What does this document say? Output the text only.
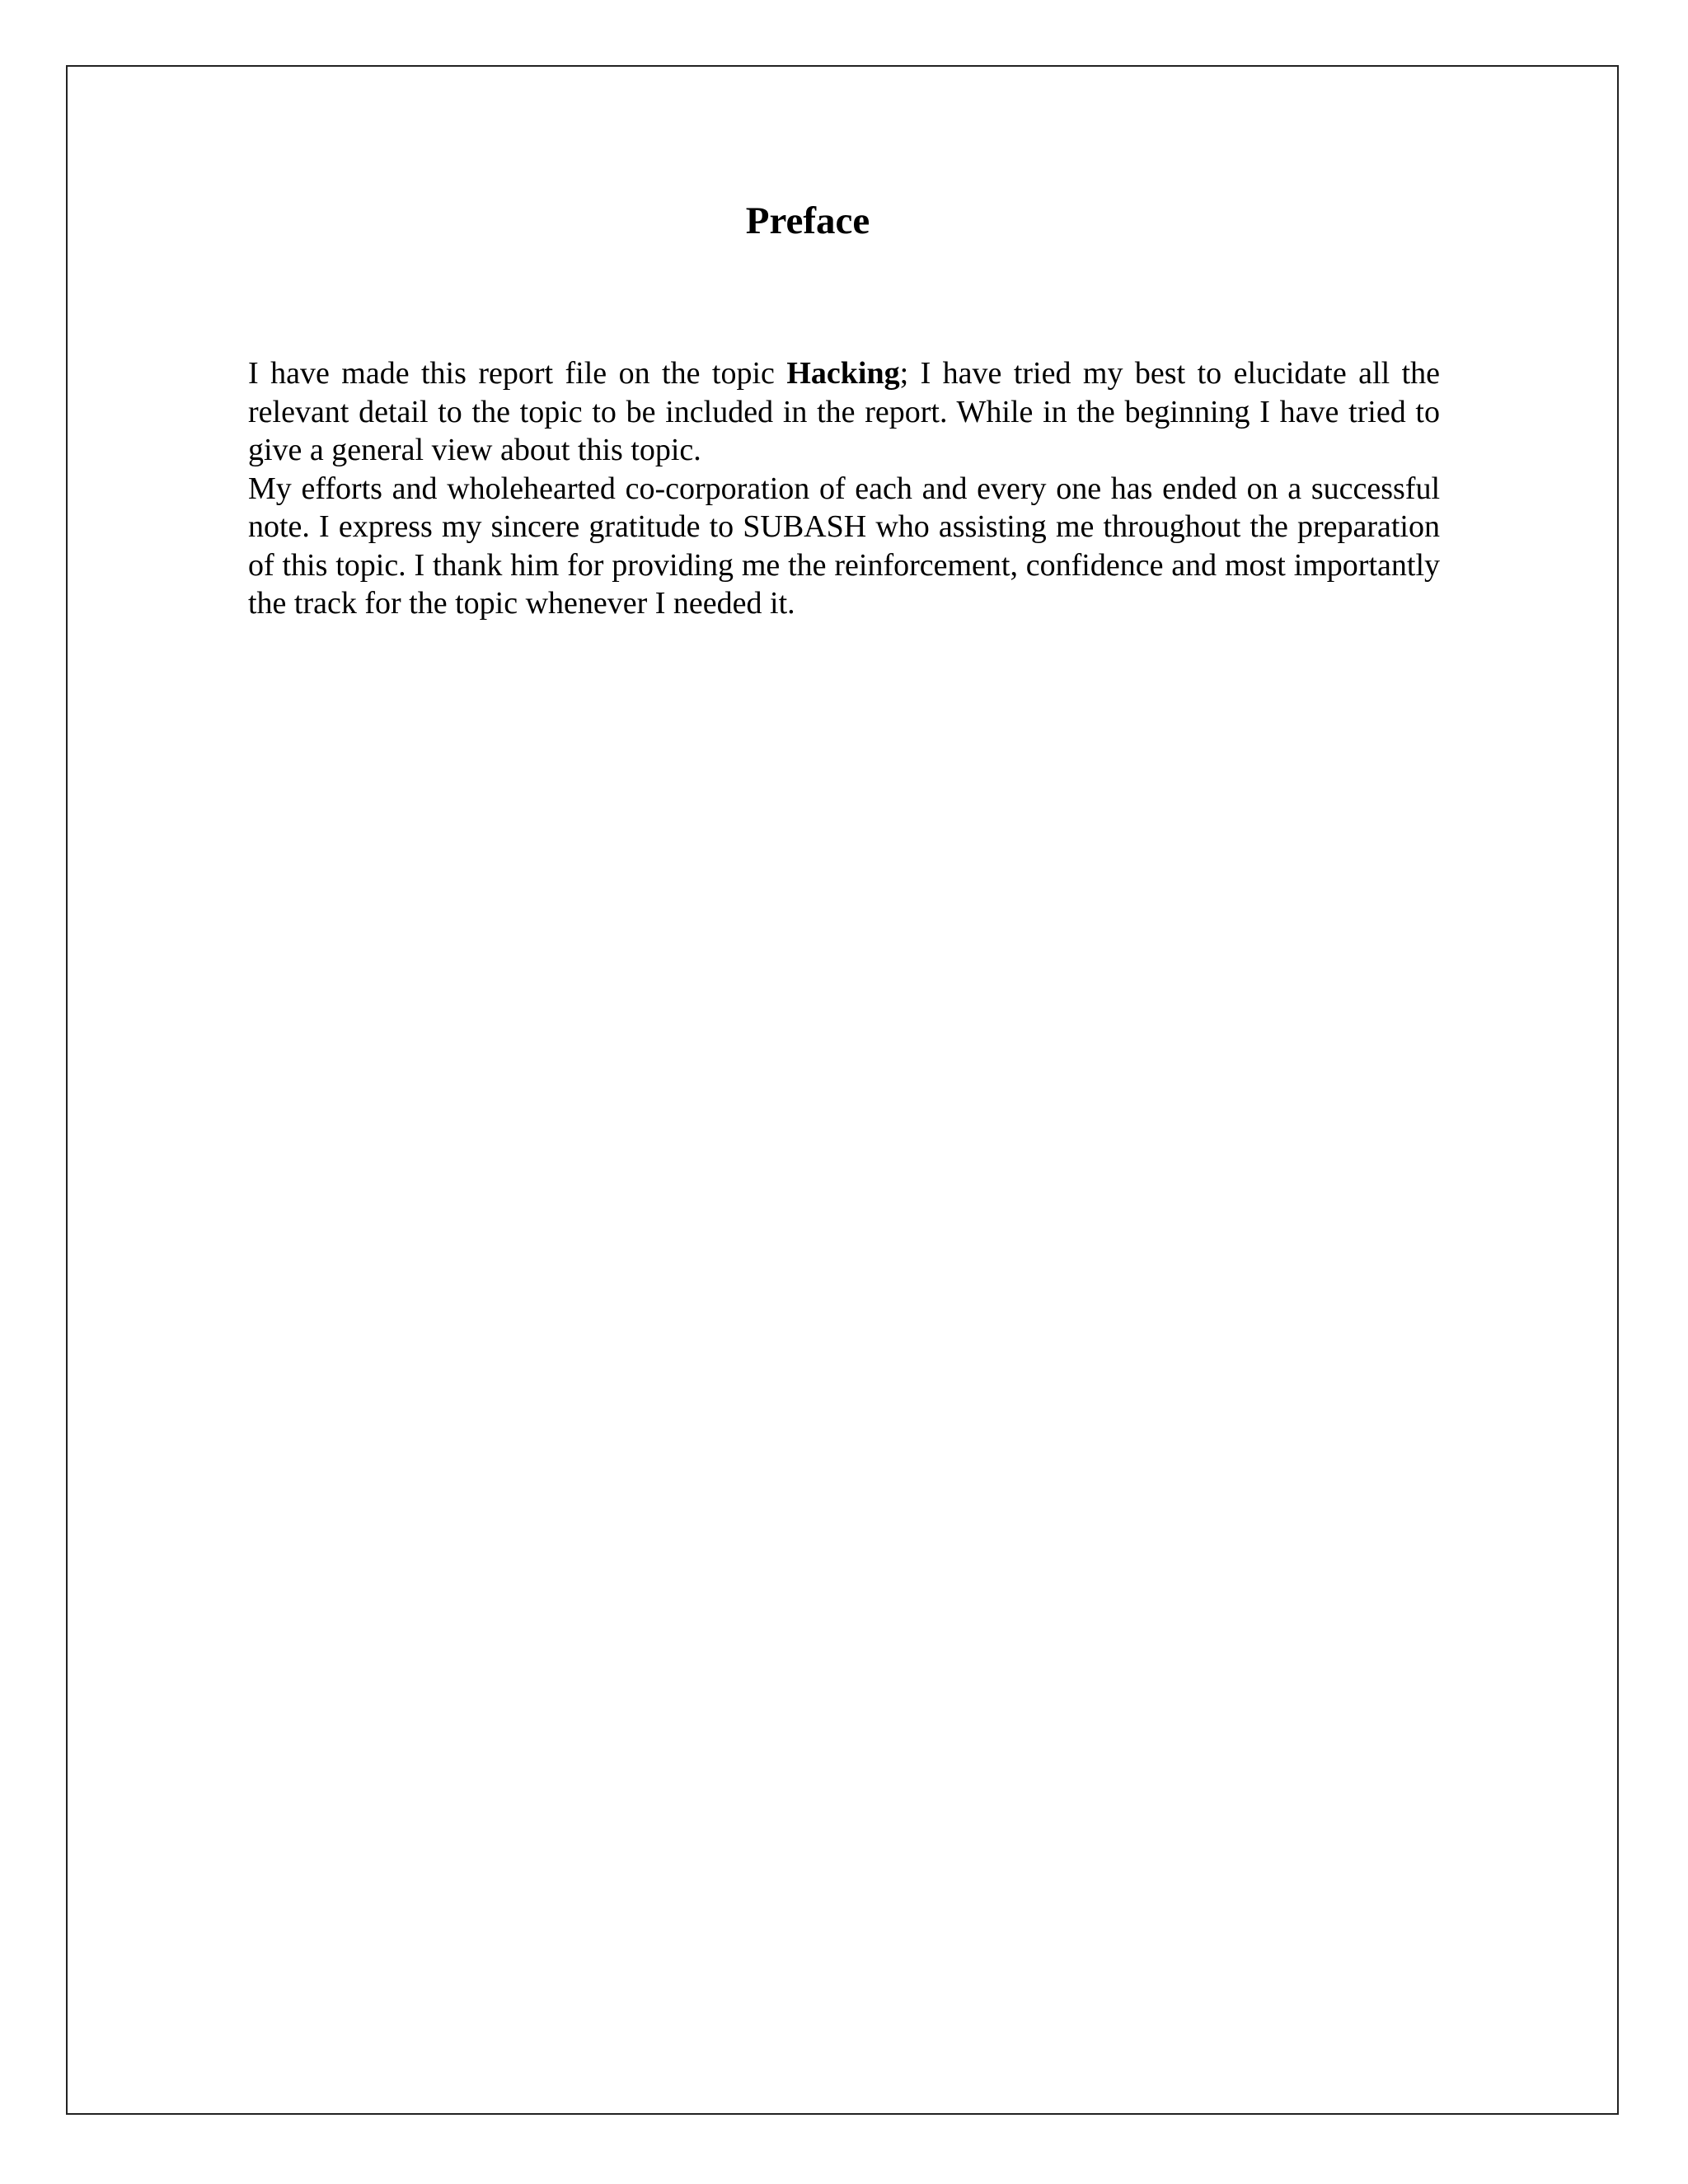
Preface

I have made this report file on the topic Hacking; I have tried my best to elucidate all the relevant detail to the topic to be included in the report. While in the beginning I have tried to give a general view about this topic.

My efforts and wholehearted co-corporation of each and every one has ended on a successful note. I express my sincere gratitude to SUBASH who assisting me throughout the preparation of this topic. I thank him for providing me the reinforcement, confidence and most importantly the track for the topic whenever I needed it.
